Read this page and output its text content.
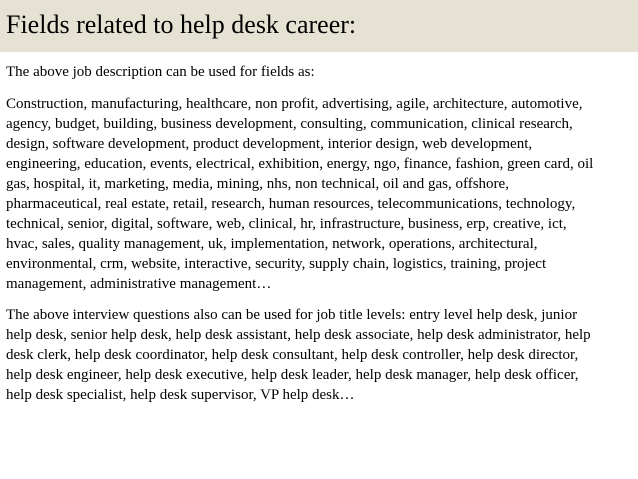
Fields related to help desk career:

The above job description can be used for fields as:

Construction, manufacturing, healthcare, non profit, advertising, agile, architecture, automotive,
agency, budget, building, business development, consulting, communication, clinical research,
design, software development, product development, interior design, web development,
engineering, education, events, electrical, exhibition, energy, ngo, finance, fashion, green card, oil
gas, hospital, it, marketing, media, mining, nhs, non technical, oil and gas, offshore,
pharmaceutical, real estate, retail, research, human resources, telecommunications, technology,
technical, senior, digital, software, web, clinical, hr, infrastructure, business, erp, creative, ict,
hvac, sales, quality management, uk, implementation, network, operations, architectural,
environmental, crm, website, interactive, security, supply chain, logistics, training, project
management, administrative management…

The above interview questions also can be used for job title levels: entry level help desk, junior
help desk, senior help desk, help desk assistant, help desk associate, help desk administrator, help
desk clerk, help desk coordinator, help desk consultant, help desk controller, help desk director,
help desk engineer, help desk executive, help desk leader, help desk manager, help desk officer,
help desk specialist, help desk supervisor, VP help desk…
